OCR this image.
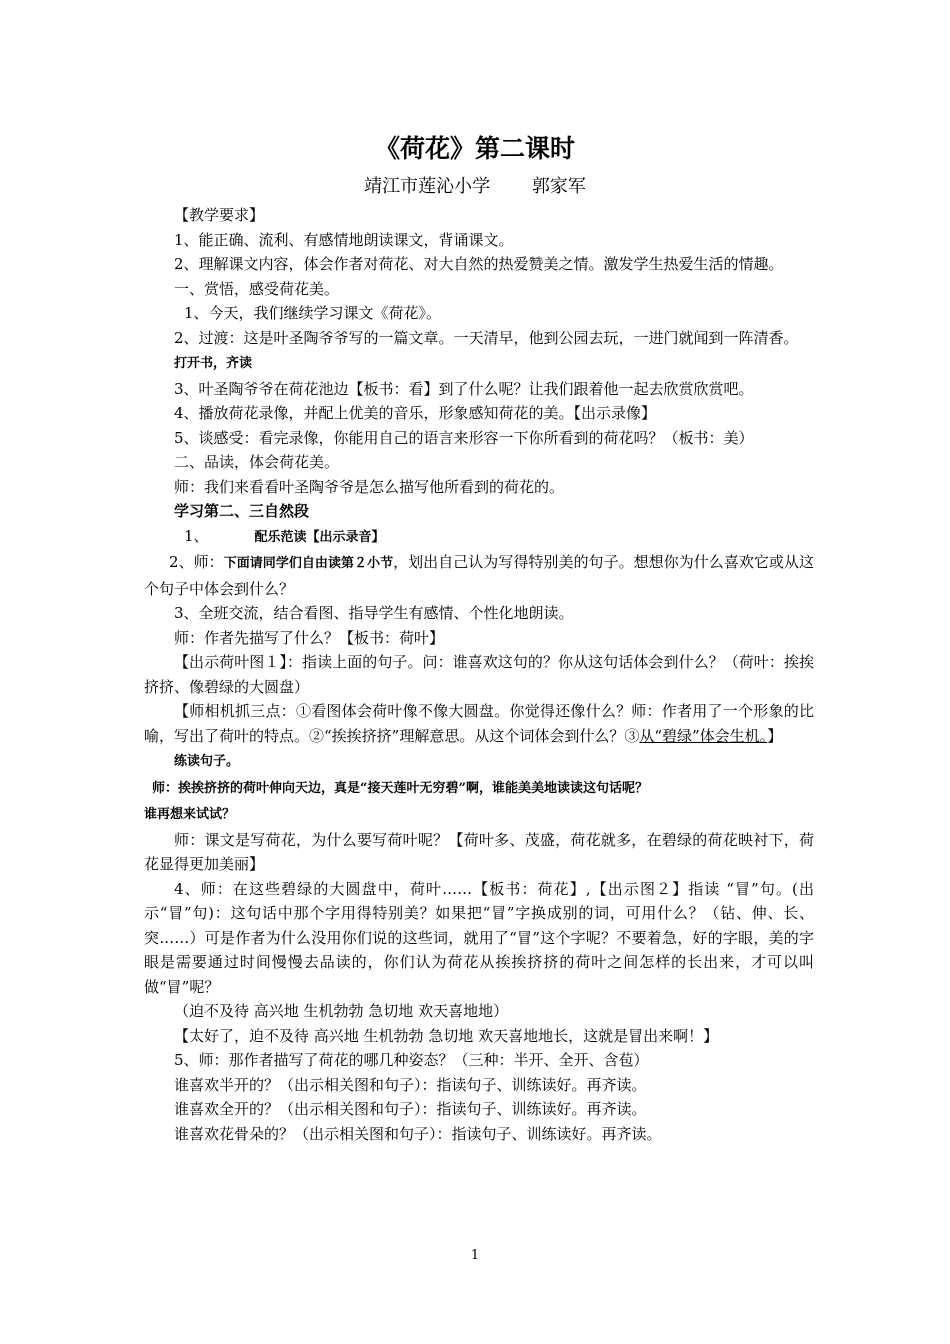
《荷花》第二课时
靖江市莲沁小学 郭家军

【教学要求】

1、能正确、流利、有感情地朗读课文，背诵课文。

2、理解课文内容，体会作者对荷花、对大自然的热爱赞美之情。激发学生热爱生活的情趣。

一、赏悟，感受荷花美。

1、今天，我们继续学习课文《荷花》。

2、过渡：这是叶圣陶爷爷写的一篇文章。一天清早，他到公园去玩，一进门就闻到一阵清香。

打开书，齐读

3、叶圣陶爷爷在荷花池边【板书：看】到了什么呢？让我们跟着他一起去欣赏欣赏吧。

4、播放荷花录像，并配上优美的音乐，形象感知荷花的美。【出示录像】

5、谈感受：看完录像，你能用自己的语言来形容一下你所看到的荷花吗？（板书：美）

二、品读，体会荷花美。

师：我们来看看叶圣陶爷爷是怎么描写他所看到的荷花的。

学习第二、三自然段

1、	配乐范读【出示录音】

2、师：下面请同学们自由读第２小节，划出自己认为写得特别美的句子。想想你为什么喜欢它或从这个句子中体会到什么？

3、全班交流，结合看图、指导学生有感情、个性化地朗读。

师：作者先描写了什么？【板书：荷叶】

【出示荷叶图１】：指读上面的句子。问：谁喜欢这句的？你从这句话体会到什么？（荷叶：挨挨挤挤、像碧绿的大圆盘）

【师相机抓三点：①看图体会荷叶像不像大圆盘。你觉得还像什么？师：作者用了一个形象的比喻，写出了荷叶的特点。②“挨挨挤挤”理解意思。从这个词体会到什么？③从“碧绿”体会生机。】

练读句子。

师：挨挨挤挤的荷叶伸向天边，真是“接天莲叶无穷碧”啊，谁能美美地读读这句话呢？
谁再想来试试？

师：课文是写荷花，为什么要写荷叶呢？【荷叶多、茂盛，荷花就多，在碧绿的荷花映衬下，荷花显得更加美丽】

4、师：在这些碧绿的大圆盘中，荷叶……【板书：荷花】,【出示图２】指读 “冒”句。(出示“冒”句)：这句话中那个字用得特别美？如果把“冒”字换成别的词，可用什么？（钻、伸、长、突……）可是作者为什么没用你们说的这些词，就用了“冒”这个字呢？不要着急，好的字眼，美的字眼是需要通过时间慢慢去品读的，你们认为荷花从挨挨挤挤的荷叶之间怎样的长出来，才可以叫做“冒”呢？

（迫不及待 高兴地 生机勃勃 急切地 欢天喜地地）

【太好了，迫不及待 高兴地 生机勃勃 急切地 欢天喜地地长，这就是冒出来啊！】

5、师：那作者描写了荷花的哪几种姿态？（三种：半开、全开、含苞）

谁喜欢半开的？（出示相关图和句子）：指读句子、训练读好。再齐读。

谁喜欢全开的？（出示相关图和句子）：指读句子、训练读好。再齐读。

谁喜欢花骨朵的？（出示相关图和句子）：指读句子、训练读好。再齐读。

1
